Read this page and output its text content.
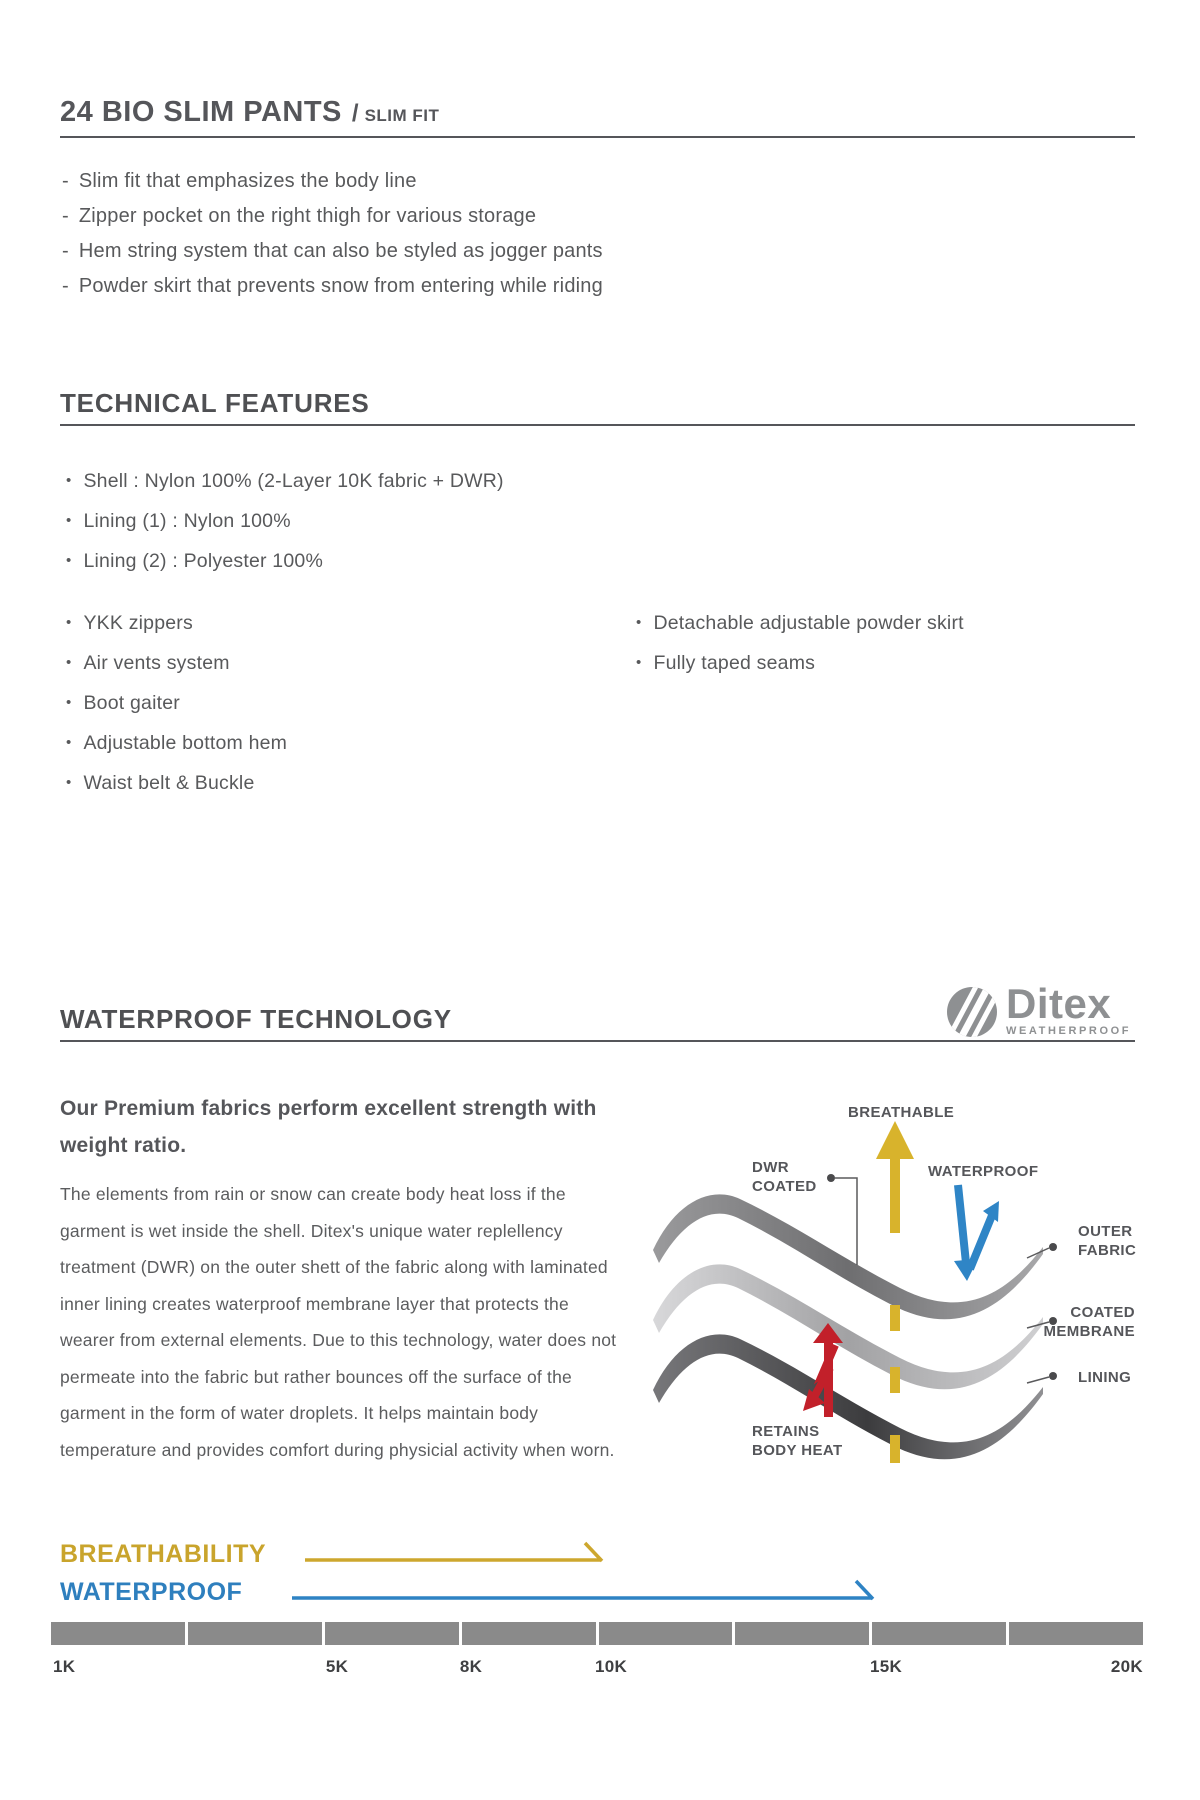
24 BIO SLIM PANTS / SLIM FIT
- Slim fit that emphasizes the body line
- Zipper pocket on the right thigh for various storage
- Hem string system that can also be styled as jogger pants
- Powder skirt that prevents snow from entering while riding
TECHNICAL FEATURES
• Shell : Nylon 100% (2-Layer 10K fabric + DWR)
• Lining (1) : Nylon 100%
• Lining (2) : Polyester 100%
• YKK zippers
• Air vents system
• Boot gaiter
• Adjustable bottom hem
• Waist belt & Buckle
• Detachable adjustable powder skirt
• Fully taped seams
WATERPROOF TECHNOLOGY	Ditex
WEATHERPROOF
Our Premium fabrics perform excellent strength with weight ratio.
The elements from rain or snow can create body heat loss if the garment is wet inside the shell. Ditex's unique water replellency treatment (DWR) on the outer shett of the fabric along with laminated inner lining creates waterproof membrane layer that protects the wearer from external elements. Due to this technology, water does not permeate into the fabric but rather bounces off the surface of the garment in the form of water droplets. It helps maintain body temperature and provides comfort during physicial activity when worn.
BREATHABLE
DWR
COATED
WATERPROOF
OUTER
FABRIC
COATED
MEMBRANE
LINING
RETAINS
BODY HEAT
BREATHABILITY
WATERPROOF
1K	5K	8K	10K	15K	20K
